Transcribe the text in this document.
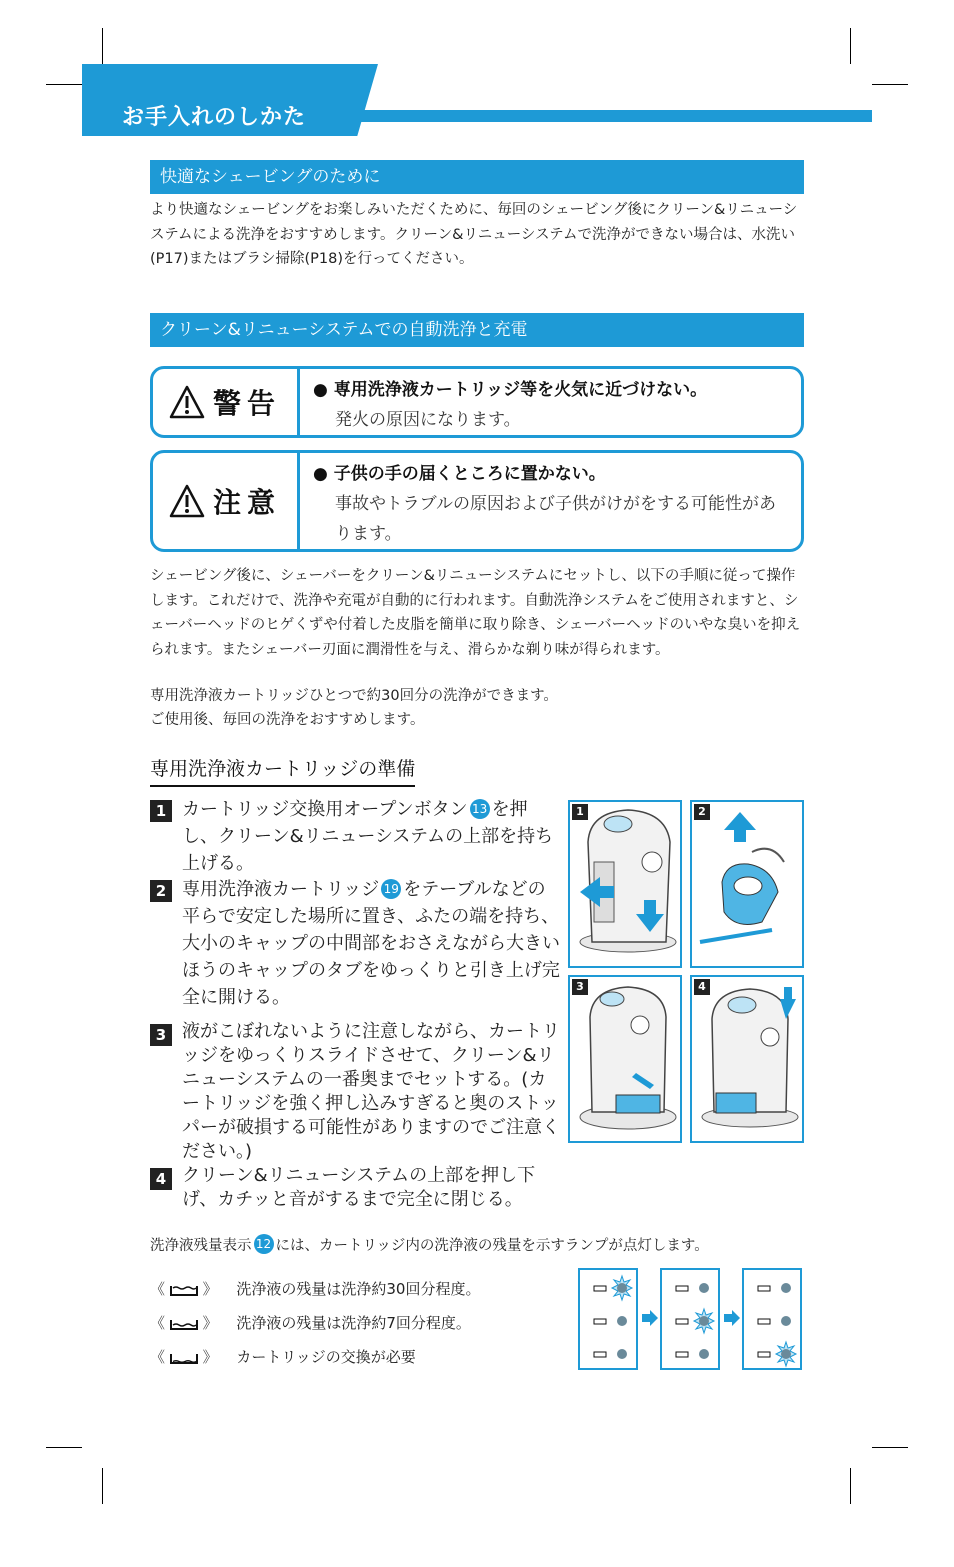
お手入れのしかた
快適なシェービングのために
より快適なシェービングをお楽しみいただくために、毎回のシェービング後にクリーン&リニューシステムによる洗浄をおすすめします。クリーン&リニューシステムで洗浄ができない場合は、水洗い(P17)またはブラシ掃除(P18)を行ってください。
クリーン&リニューシステムでの自動洗浄と充電
警告 ● 専用洗浄液カートリッジ等を火気に近づけない。
発火の原因になります。
注意
● 子供の手の届くところに置かない。
事故やトラブルの原因および子供がけがをする可能性があります。
シェービング後に、シェーバーをクリーン&リニューシステムにセットし、以下の手順に従って操作します。これだけで、洗浄や充電が自動的に行われます。自動洗浄システムをご使用されますと、シェーバーヘッドのヒゲくずや付着した皮脂を簡単に取り除き、シェーバーヘッドのいやな臭いを抑えられます。またシェーバー刃面に潤滑性を与え、滑らかな剃り味が得られます。
専用洗浄液カートリッジひとつで約30回分の洗浄ができます。
ご使用後、毎回の洗浄をおすすめします。
専用洗浄液カートリッジの準備
1 カートリッジ交換用オープンボタン 13 を押し、クリーン&リニューシステムの上部を持ち上げる。
2 専用洗浄液カートリッジ 19 をテーブルなどの平らで安定した場所に置き、ふたの端を持ち、大小のキャップの中間部をおさえながら大きいほうのキャップのタブをゆっくりと引き上げ完全に開ける。
3 液がこぼれないように注意しながら、カートリッジをゆっくりスライドさせて、クリーン&リニューシステムの一番奥までセットする。(カートリッジを強く押し込みすぎると奥のストッパーが破損する可能性がありますのでご注意ください。)
4 クリーン&リニューシステムの上部を押し下げ、カチッと音がするまで完全に閉じる。
1	2
3	4
洗浄液残量表示 12 には、カートリッジ内の洗浄液の残量を示すランプが点灯します。
《	》 洗浄液の残量は洗浄約30回分程度。
《	》 洗浄液の残量は洗浄約7回分程度。
《	》 カートリッジの交換が必要
